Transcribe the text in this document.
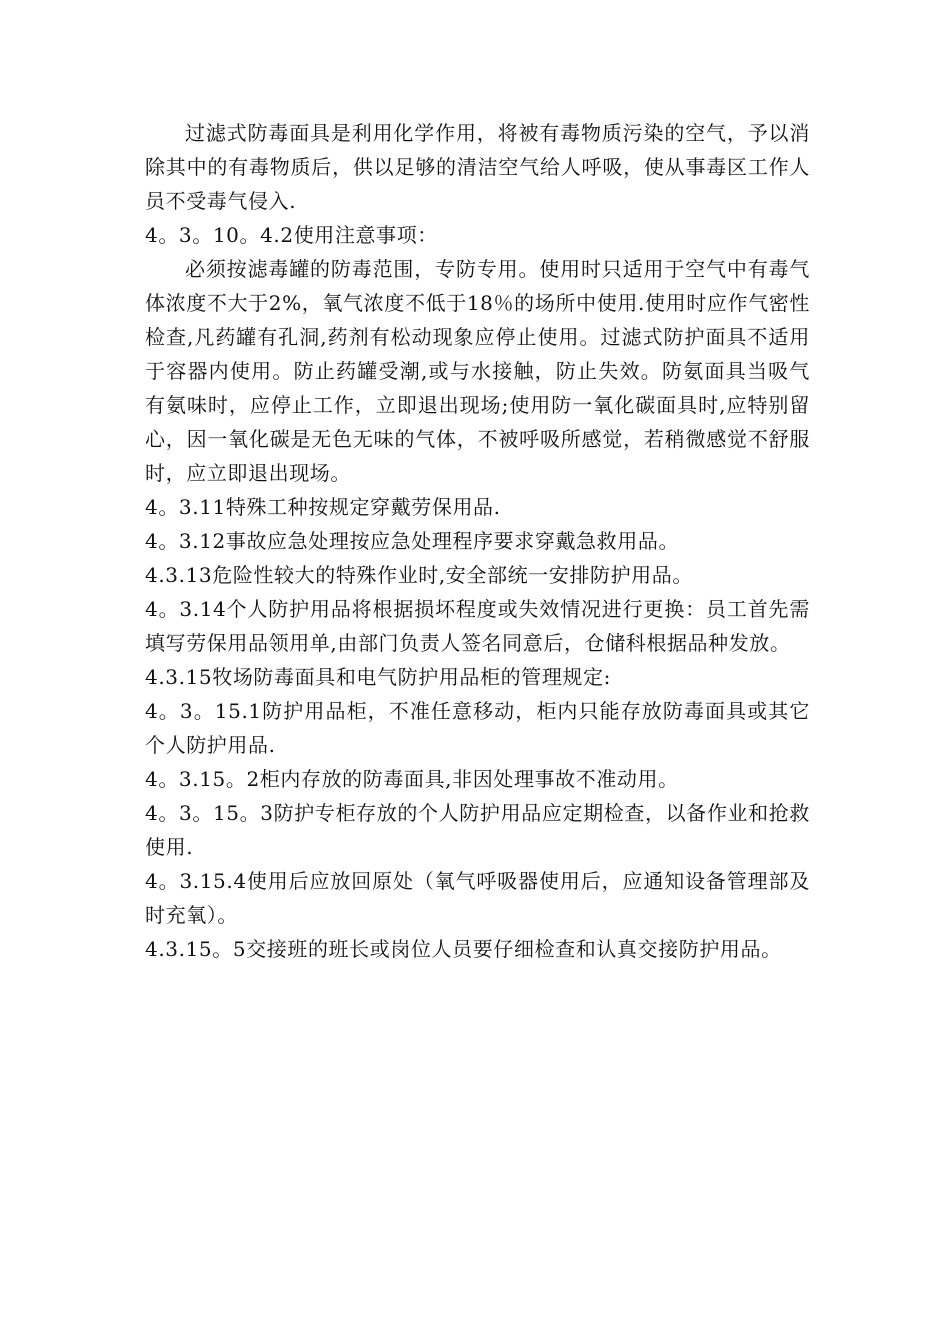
过滤式防毒面具是利用化学作用，将被有毒物质污染的空气，予以消除其中的有毒物质后，供以足够的清洁空气给人呼吸，使从事毒区工作人员不受毒气侵入.

4。3。10。4.2使用注意事项：

必须按滤毒罐的防毒范围，专防专用。使用时只适用于空气中有毒气体浓度不大于2%，氧气浓度不低于18％的场所中使用.使用时应作气密性检查,凡药罐有孔洞,药剂有松动现象应停止使用。过滤式防护面具不适用于容器内使用。防止药罐受潮,或与水接触，防止失效。防氨面具当吸气有氨味时，应停止工作，立即退出现场;使用防一氧化碳面具时,应特别留心，因一氧化碳是无色无味的气体，不被呼吸所感觉，若稍微感觉不舒服时，应立即退出现场。

4。3.11特殊工种按规定穿戴劳保用品.

4。3.12事故应急处理按应急处理程序要求穿戴急救用品。

4.3.13危险性较大的特殊作业时,安全部统一安排防护用品。

4。3.14个人防护用品将根据损坏程度或失效情况进行更换：员工首先需填写劳保用品领用单,由部门负责人签名同意后，仓储科根据品种发放。

4.3.15牧场防毒面具和电气防护用品柜的管理规定:

4。3。15.1防护用品柜，不准任意移动，柜内只能存放防毒面具或其它个人防护用品.

4。3.15。2柜内存放的防毒面具,非因处理事故不准动用。

4。3。15。3防护专柜存放的个人防护用品应定期检查，以备作业和抢救使用.

4。3.15.4使用后应放回原处（氧气呼吸器使用后，应通知设备管理部及时充氧）。

4.3.15。5交接班的班长或岗位人员要仔细检查和认真交接防护用品。
